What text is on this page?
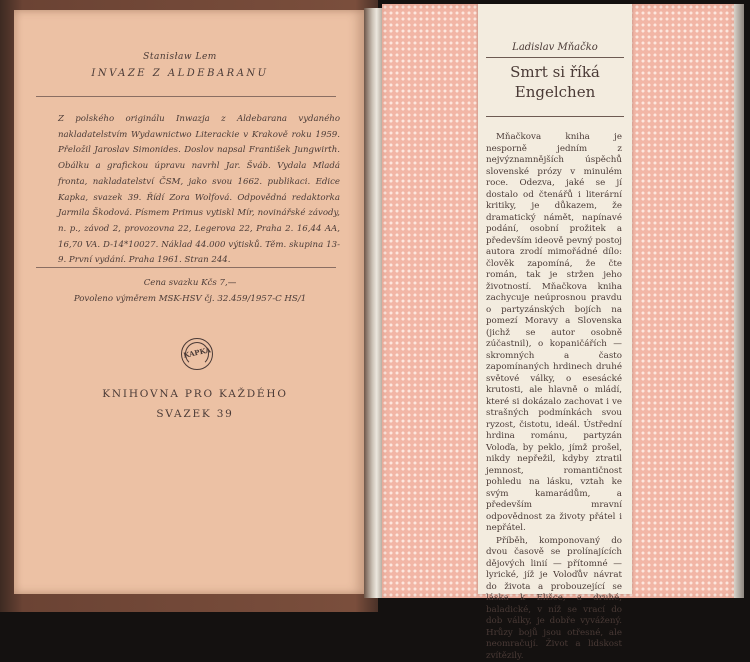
Stanisław Lem
INVAZE Z ALDEBARANU
Z polského originálu Inwazja z Aldebarana vydaného nakladatelstvím Wydawnictwo Literackie v Krakově roku 1959. Přeložil Jaroslav Simonides. Doslov napsal František Jungwirth. Obálku a grafickou úpravu navrhl Jar. Šváb. Vydala Mladá fronta, nakladatelství ČSM, jako svou 1662. publikaci. Edice Kapka, svazek 39. Řídí Zora Wolfová. Odpovědná redaktorka Jarmila Škodová. Písmem Primus vytiskl Mír, novinářské závody, n. p., závod 2, provozovna 22, Legerova 22, Praha 2. 16,44 AA, 16,70 VA. D-14*10027. Náklad 44.000 výtisků. Těm. skupina 13-9. První vydání. Praha 1961. Stran 244.
Cena svazku Kčs 7,—
Povoleno výměrem MSK-HSV čj. 32.459/1957-C HS/1
KAPKA
KNIHOVNA PRO KAŽDÉHO
SVAZEK 39
Ladislav Mňačko
Smrt si říká
Engelchen

Mňačkova kniha je nesporně jedním z nejvýznamnějších úspěchů slovenské prózy v minulém roce. Odezva, jaké se jí dostalo od čtenářů i literární kritiky, je důkazem, že dramatický námět, napínavé podání, osobní prožitek a především ideově pevný postoj autora zrodí mimořádné dílo: člověk zapomíná, že čte román, tak je stržen jeho životností. Mňačkova kniha zachycuje neúprosnou pravdu o partyzánských bojích na pomezí Moravy a Slovenska (jichž se autor osobně zúčastnil), o kopaničářích — skromných a často zapomínaných hrdinech druhé světové války, o esesácké krutosti, ale hlavně o mládí, které si dokázalo zachovat i ve strašných podmínkách svou ryzost, čistotu, ideál. Ústřední hrdina románu, partyzán Voloďa, by peklo, jímž prošel, nikdy nepřežil, kdyby ztratil jemnost, romantičnost pohledu na lásku, vztah ke svým kamarádům, a především mravní odpovědnost za životy přátel i nepřátel.

Příběh, komponovaný do dvou časově se prolínajících dějových linií — přítomné — lyrické, jíž je Voloďův návrat do života a probouzející se láska k Elišce, a druhé, baladické, v níž se vrací do dob války, je dobře vyvážený. Hrůzy bojů jsou otřesné, ale neomračují. Život a lidskost zvítězily.
